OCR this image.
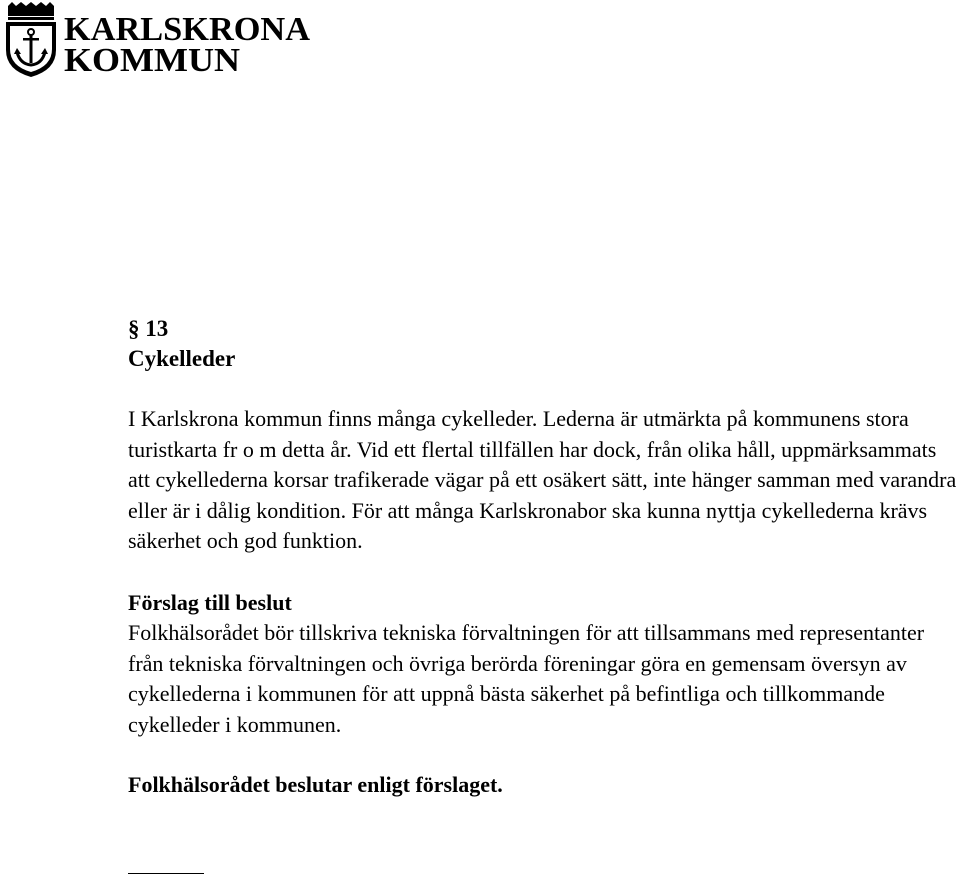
KARLSKRONA
KOMMUN
§ 13
Cykelleder

I Karlskrona kommun finns många cykelleder. Lederna är utmärkta på kommunens stora turistkarta fr o m detta år. Vid ett flertal tillfällen har dock, från olika håll, uppmärksammats att cykellederna korsar trafikerade vägar på ett osäkert sätt, inte hänger samman med varandra eller är i dålig kondition. För att många Karlskronabor ska kunna nyttja cykellederna krävs säkerhet och god funktion.

Förslag till beslut

Folkhälsorådet bör tillskriva tekniska förvaltningen för att tillsammans med representanter från tekniska förvaltningen och övriga berörda föreningar göra en gemensam översyn av cykellederna i kommunen för att uppnå bästa säkerhet på befintliga och tillkommande cykelleder i kommunen.

Folkhälsorådet beslutar enligt förslaget.
